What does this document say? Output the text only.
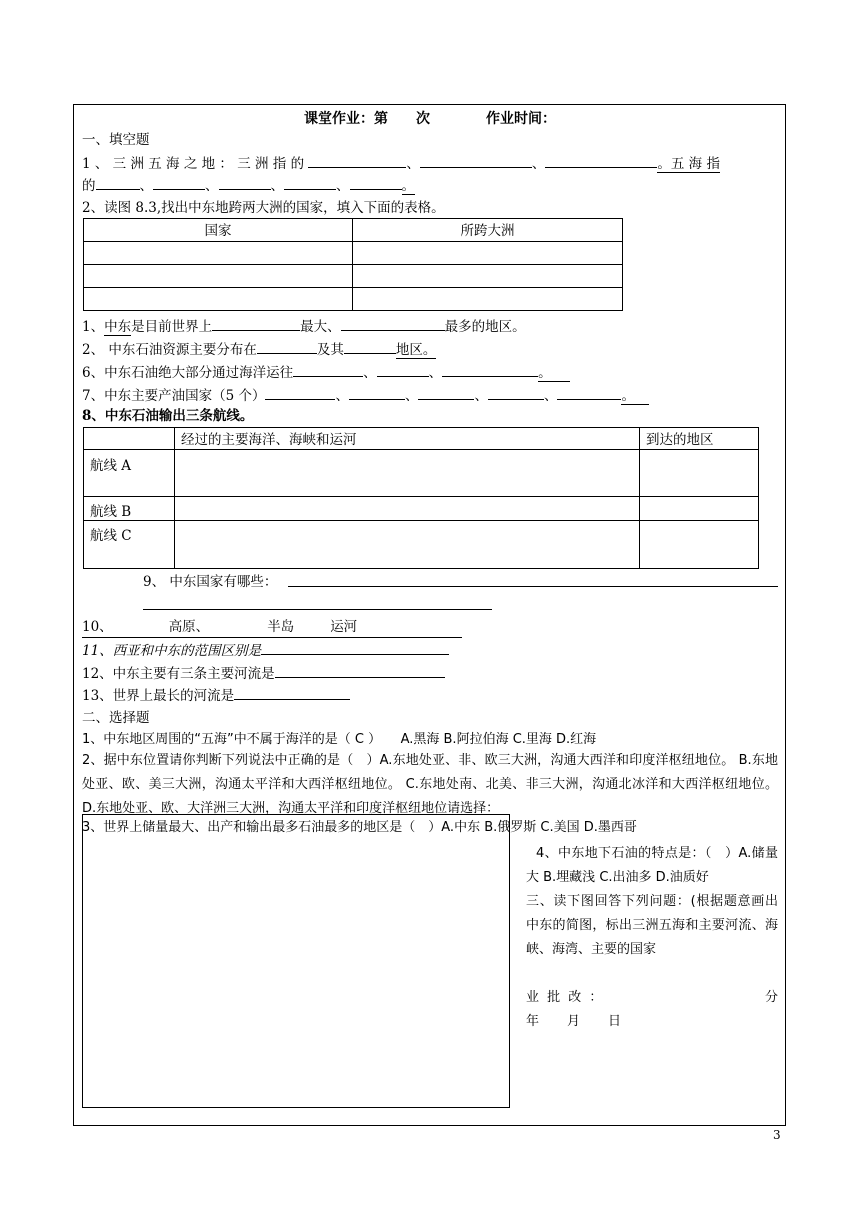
课堂作业：第　　次　　　　作业时间：
一、填空题
1 、 三 洲 五 海 之 地 ： 三 洲 指 的	、	、	。五 海 指
的	、	、	、	、	。
2、读图 8.3,找出中东地跨两大洲的国家，填入下面的表格。
国家	所跨大洲

1、中东是目前世界上	最大、	最多的地区。
2、 中东石油资源主要分布在	及其	地区。
6、中东石油绝大部分通过海洋运往	、	、	。
7、中东主要产油国家（5 个）	、	、	、	、	。
8、中东石油输出三条航线。
	经过的主要海洋、海峡和运河	到达的地区
航线 A		
航线 B		
航线 C		
9、 中东国家有哪些：
10、	高原、	半岛	运河
11、西亚和中东的范围区别是
12、中东主要有三条主要河流是
13、世界上最长的河流是
二、选择题
1、中东地区周围的“五海”中不属于海洋的是（ C ）　　A.黑海 B.阿拉伯海 C.里海 D.红海
2、据中东位置请你判断下列说法中正确的是（　）A.东地处亚、非、欧三大洲，沟通大西洋和印度洋枢纽地位。 B.东地处亚、欧、美三大洲，沟通太平洋和大西洋枢纽地位。 C.东地处南、北美、非三大洲，沟通北冰洋和大西洋枢纽地位。 D.东地处亚、欧、大洋洲三大洲，沟通太平洋和印度洋枢纽地位请选择：
3、世界上储量最大、出产和输出最多石油最多的地区是（　）A.中东 B.俄罗斯 C.美国 D.墨西哥
4、中东地下石油的特点是：（　）A.储量大 B.埋藏浅 C.出油多 D.油质好
三、读下图回答下列问题：(根据题意画出中东的简图，标出三洲五海和主要河流、海峡、海湾、主要的国家
业 批 改 ：	分
年 月 日
3
